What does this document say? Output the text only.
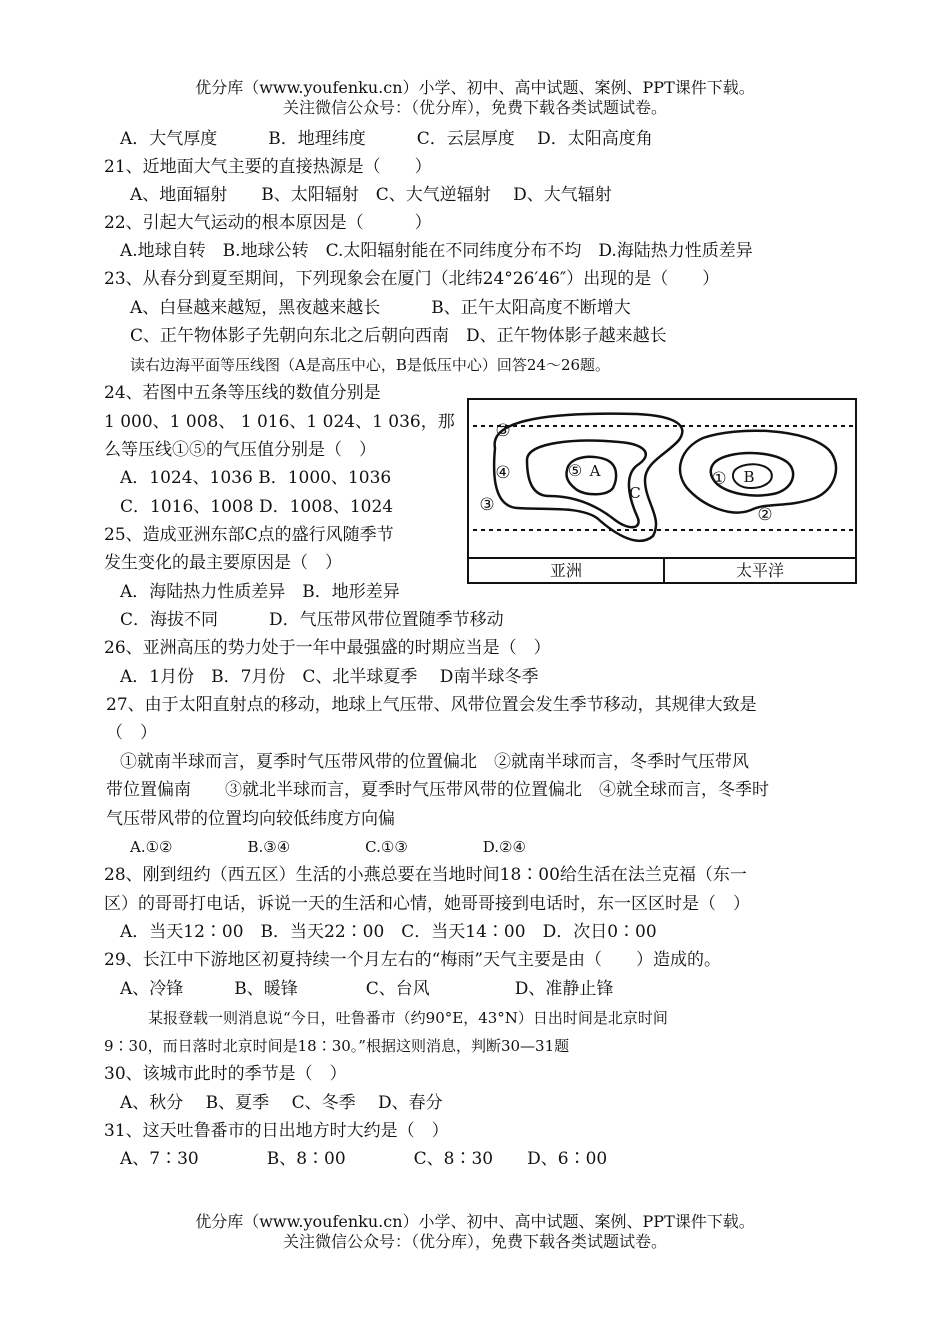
优分库（www.youfenku.cn）小学、初中、高中试题、案例、PPT课件下载。
关注微信公众号：（优分库），免费下载各类试题试卷。
A．大气厚度　　　B．地理纬度　　　C．云层厚度　 D．太阳高度角
21、近地面大气主要的直接热源是（　　）
A、地面辐射　　B、太阳辐射　C、大气逆辐射　 D、大气辐射
22、引起大气运动的根本原因是（　　　）
A.地球自转　B.地球公转　C.太阳辐射能在不同纬度分布不均　D.海陆热力性质差异
23、从春分到夏至期间，下列现象会在厦门（北纬24°26′46″）出现的是（　　）
A、白昼越来越短，黑夜越来越长　　　B、正午太阳高度不断增大
C、正午物体影子先朝向东北之后朝向西南　D、正午物体影子越来越长
读右边海平面等压线图（A是高压中心，B是低压中心）回答24～26题。
24、若图中五条等压线的数值分别是
1 000、1 008、 1 016、1 024、1 036，那
么等压线①⑤的气压值分别是（　）
A．1024、1036 B．1000、1036
C．1016、1008 D．1008、1024
25、造成亚洲东部C点的盛行风随季节
发生变化的最主要原因是（　）
A．海陆热力性质差异　B．地形差异
C．海拔不同　　　D．气压带风带位置随季节移动
26、亚洲高压的势力处于一年中最强盛的时期应当是（　）
A．1月份　B．7月份　C、北半球夏季　 D南半球冬季
27、由于太阳直射点的移动，地球上气压带、风带位置会发生季节移动，其规律大致是
（　）
①就南半球而言，夏季时气压带风带的位置偏北　②就南半球而言，冬季时气压带风
带位置偏南　　③就北半球而言，夏季时气压带风带的位置偏北　④就全球而言，冬季时
气压带风带的位置均向较低纬度方向偏
A.①②　　　　　B.③④　　　　　C.①③　　　　　D.②④
28、刚到纽约（西五区）生活的小燕总要在当地时间18∶00给生活在法兰克福（东一
区）的哥哥打电话，诉说一天的生活和心情，她哥哥接到电话时，东一区区时是（　）
A．当天12∶00　B．当天22∶00　C．当天14∶00　D．次日0∶00
29、长江中下游地区初夏持续一个月左右的“梅雨”天气主要是由（　　）造成的。
A、冷锋　　　B、暖锋　　　　C、台风　　　　　D、准静止锋
某报登载一则消息说“今日，吐鲁番市（约90°E，43°N）日出时间是北京时间
9∶30，而日落时北京时间是18∶30。”根据这则消息，判断30—31题
30、该城市此时的季节是（　）
A、秋分　 B、夏季　 C、冬季　 D、春分
31、这天吐鲁番市的日出地方时大约是（　）
A、7∶30　　　　B、8∶00　　　　C、8∶30　　D、6∶00
③
④	⑤ A
C
③
① B
②
亚洲	太平洋
优分库（www.youfenku.cn）小学、初中、高中试题、案例、PPT课件下载。
关注微信公众号：（优分库），免费下载各类试题试卷。
